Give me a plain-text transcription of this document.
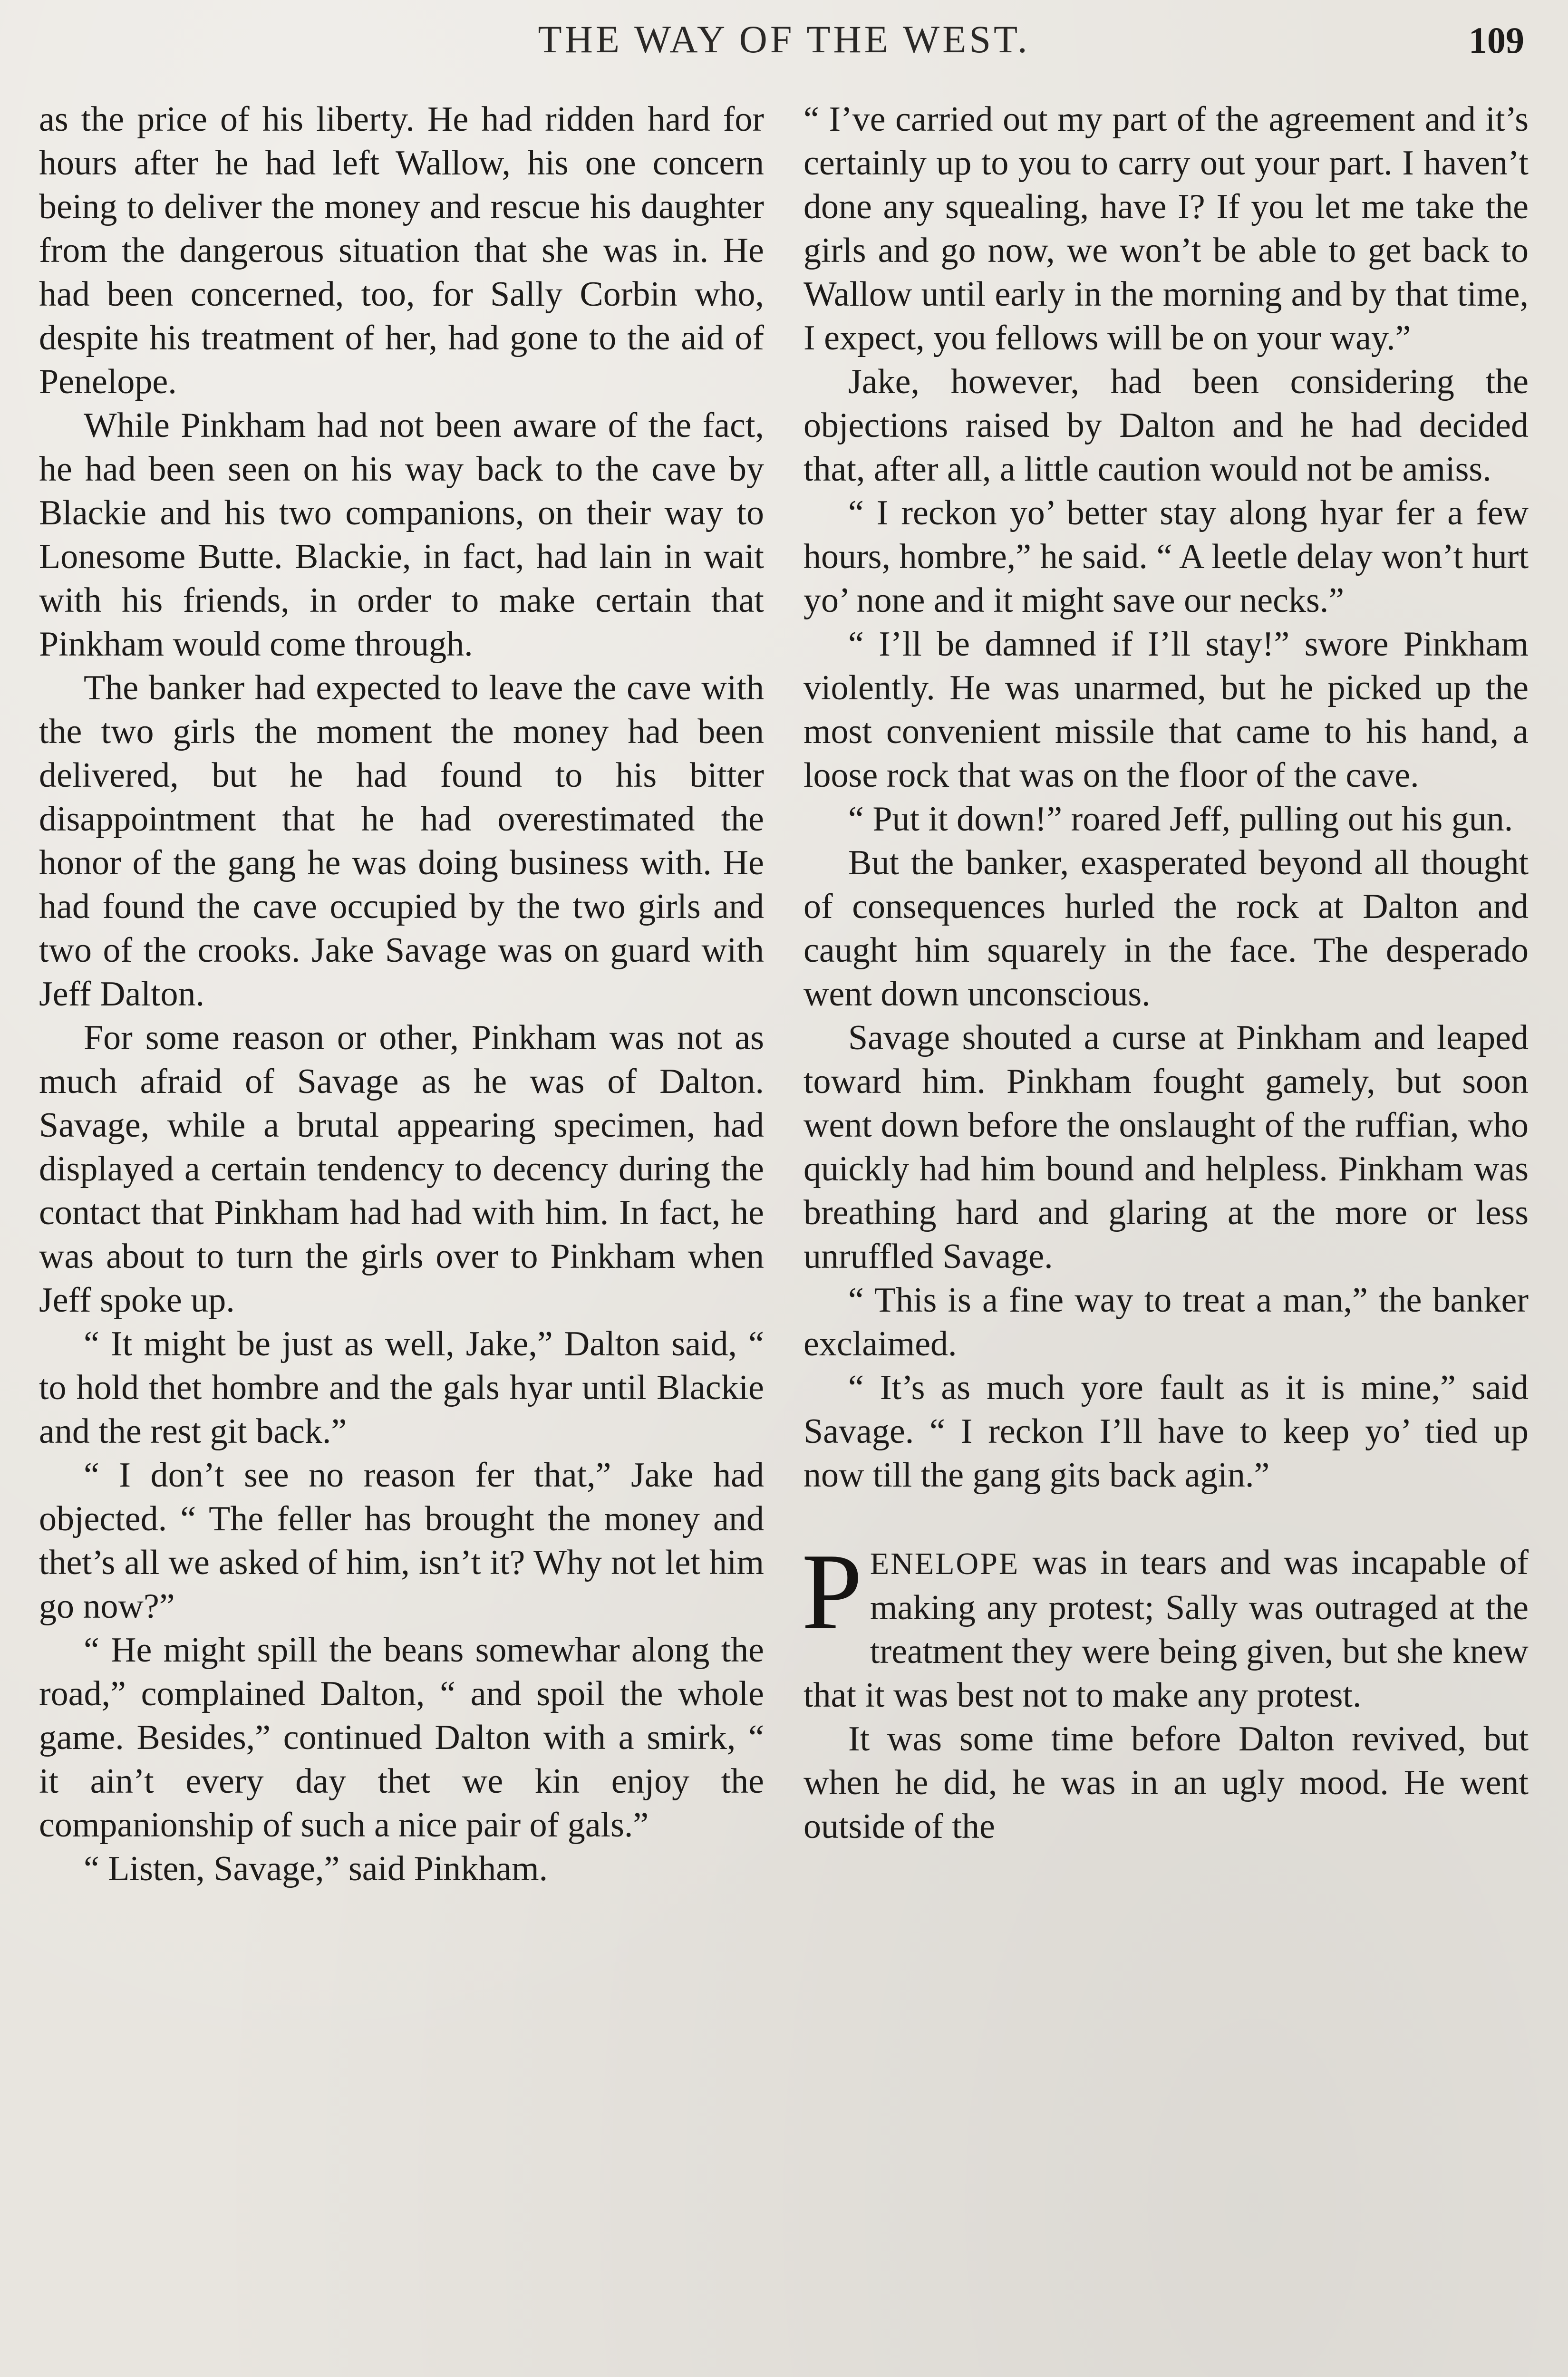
THE WAY OF THE WEST.	109

as the price of his liberty. He had ridden hard for hours after he had left Wallow, his one concern being to deliver the money and rescue his daughter from the dangerous situation that she was in. He had been concerned, too, for Sally Corbin who, despite his treatment of her, had gone to the aid of Penelope.

While Pinkham had not been aware of the fact, he had been seen on his way back to the cave by Blackie and his two companions, on their way to Lonesome Butte. Blackie, in fact, had lain in wait with his friends, in order to make certain that Pinkham would come through.

The banker had expected to leave the cave with the two girls the moment the money had been delivered, but he had found to his bitter disappointment that he had overestimated the honor of the gang he was doing business with. He had found the cave occupied by the two girls and two of the crooks. Jake Savage was on guard with Jeff Dalton.

For some reason or other, Pinkham was not as much afraid of Savage as he was of Dalton. Savage, while a brutal appearing specimen, had displayed a certain tendency to decency during the contact that Pinkham had had with him. In fact, he was about to turn the girls over to Pinkham when Jeff spoke up.

“ It might be just as well, Jake,” Dalton said, “ to hold thet hombre and the gals hyar until Blackie and the rest git back.”

“ I don’t see no reason fer that,” Jake had objected. “ The feller has brought the money and thet’s all we asked of him, isn’t it? Why not let him go now?”

“ He might spill the beans somewhar along the road,” complained Dalton, “ and spoil the whole game. Besides,” continued Dalton with a smirk, “ it ain’t every day thet we kin enjoy the companionship of such a nice pair of gals.”

“ Listen, Savage,” said Pinkham.

“ I’ve carried out my part of the agreement and it’s certainly up to you to carry out your part. I haven’t done any squealing, have I? If you let me take the girls and go now, we won’t be able to get back to Wallow until early in the morning and by that time, I expect, you fellows will be on your way.”

Jake, however, had been considering the objections raised by Dalton and he had decided that, after all, a little caution would not be amiss.

“ I reckon yo’ better stay along hyar fer a few hours, hombre,” he said. “ A leetle delay won’t hurt yo’ none and it might save our necks.”

“ I’ll be damned if I’ll stay!” swore Pinkham violently. He was unarmed, but he picked up the most convenient missile that came to his hand, a loose rock that was on the floor of the cave.

“ Put it down!” roared Jeff, pulling out his gun.

But the banker, exasperated beyond all thought of consequences hurled the rock at Dalton and caught him squarely in the face. The desperado went down unconscious.

Savage shouted a curse at Pinkham and leaped toward him. Pinkham fought gamely, but soon went down before the onslaught of the ruffian, who quickly had him bound and helpless. Pinkham was breathing hard and glaring at the more or less unruffled Savage.

“ This is a fine way to treat a man,” the banker exclaimed.

“ It’s as much yore fault as it is mine,” said Savage. “ I reckon I’ll have to keep yo’ tied up now till the gang gits back agin.”

PENELOPE was in tears and was incapable of making any protest; Sally was outraged at the treatment they were being given, but she knew that it was best not to make any protest.

It was some time before Dalton revived, but when he did, he was in an ugly mood. He went outside of the
